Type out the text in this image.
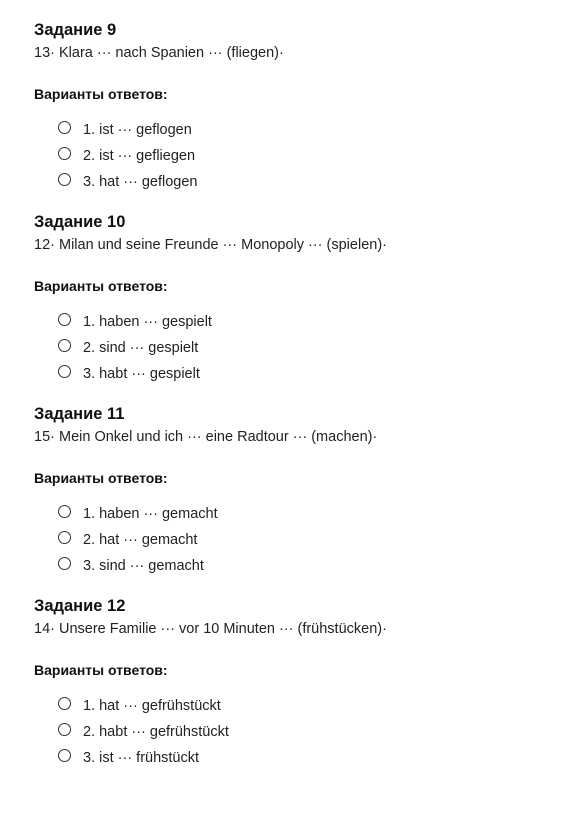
Задание 9
13· Klara ··· nach Spanien ··· (fliegen)·
Варианты ответов:
1. ist ··· geflogen
2. ist ··· gefliegen
3. hat ··· geflogen
Задание 10
12· Milan und seine Freunde ··· Monopoly ··· (spielen)·
Варианты ответов:
1. haben ··· gespielt
2. sind ··· gespielt
3. habt ··· gespielt
Задание 11
15· Mein Onkel und ich ··· eine Radtour ··· (machen)·
Варианты ответов:
1. haben ··· gemacht
2. hat ··· gemacht
3. sind ··· gemacht
Задание 12
14· Unsere Familie ··· vor 10 Minuten ··· (frühstücken)·
Варианты ответов:
1. hat ··· gefrühstückt
2. habt ··· gefrühstückt
3. ist ··· frühstückt
